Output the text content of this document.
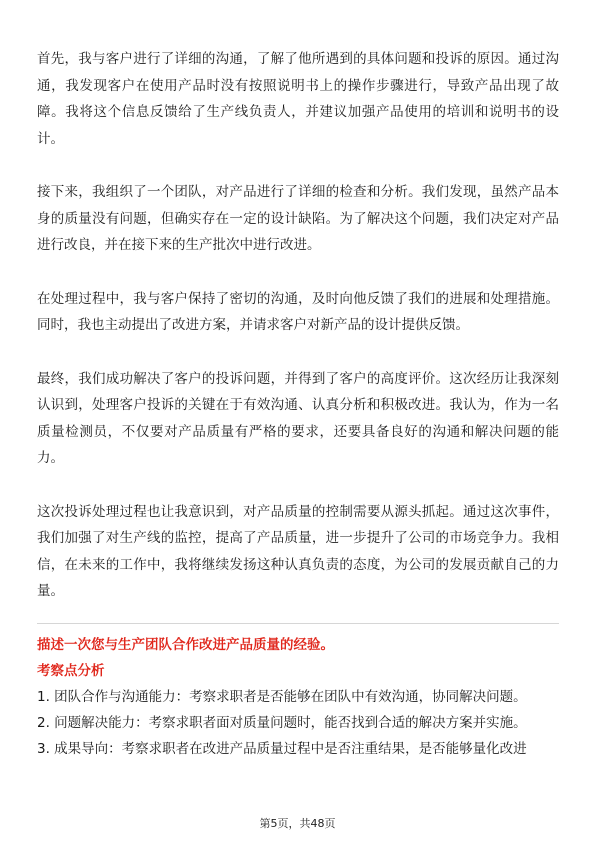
首先，我与客户进行了详细的沟通，了解了他所遇到的具体问题和投诉的原因。通过沟通，我发现客户在使用产品时没有按照说明书上的操作步骤进行，导致产品出现了故障。我将这个信息反馈给了生产线负责人，并建议加强产品使用的培训和说明书的设计。

接下来，我组织了一个团队，对产品进行了详细的检查和分析。我们发现，虽然产品本身的质量没有问题，但确实存在一定的设计缺陷。为了解决这个问题，我们决定对产品进行改良，并在接下来的生产批次中进行改进。

在处理过程中，我与客户保持了密切的沟通，及时向他反馈了我们的进展和处理措施。同时，我也主动提出了改进方案，并请求客户对新产品的设计提供反馈。

最终，我们成功解决了客户的投诉问题，并得到了客户的高度评价。这次经历让我深刻认识到，处理客户投诉的关键在于有效沟通、认真分析和积极改进。我认为，作为一名质量检测员，不仅要对产品质量有严格的要求，还要具备良好的沟通和解决问题的能力。

这次投诉处理过程也让我意识到，对产品质量的控制需要从源头抓起。通过这次事件，我们加强了对生产线的监控，提高了产品质量，进一步提升了公司的市场竞争力。我相信，在未来的工作中，我将继续发扬这种认真负责的态度，为公司的发展贡献自己的力量。

描述一次您与生产团队合作改进产品质量的经验。
考察点分析
1. 团队合作与沟通能力：考察求职者是否能够在团队中有效沟通，协同解决问题。
2. 问题解决能力：考察求职者面对质量问题时，能否找到合适的解决方案并实施。
3. 成果导向：考察求职者在改进产品质量过程中是否注重结果，是否能够量化改进
第5页，共48页
